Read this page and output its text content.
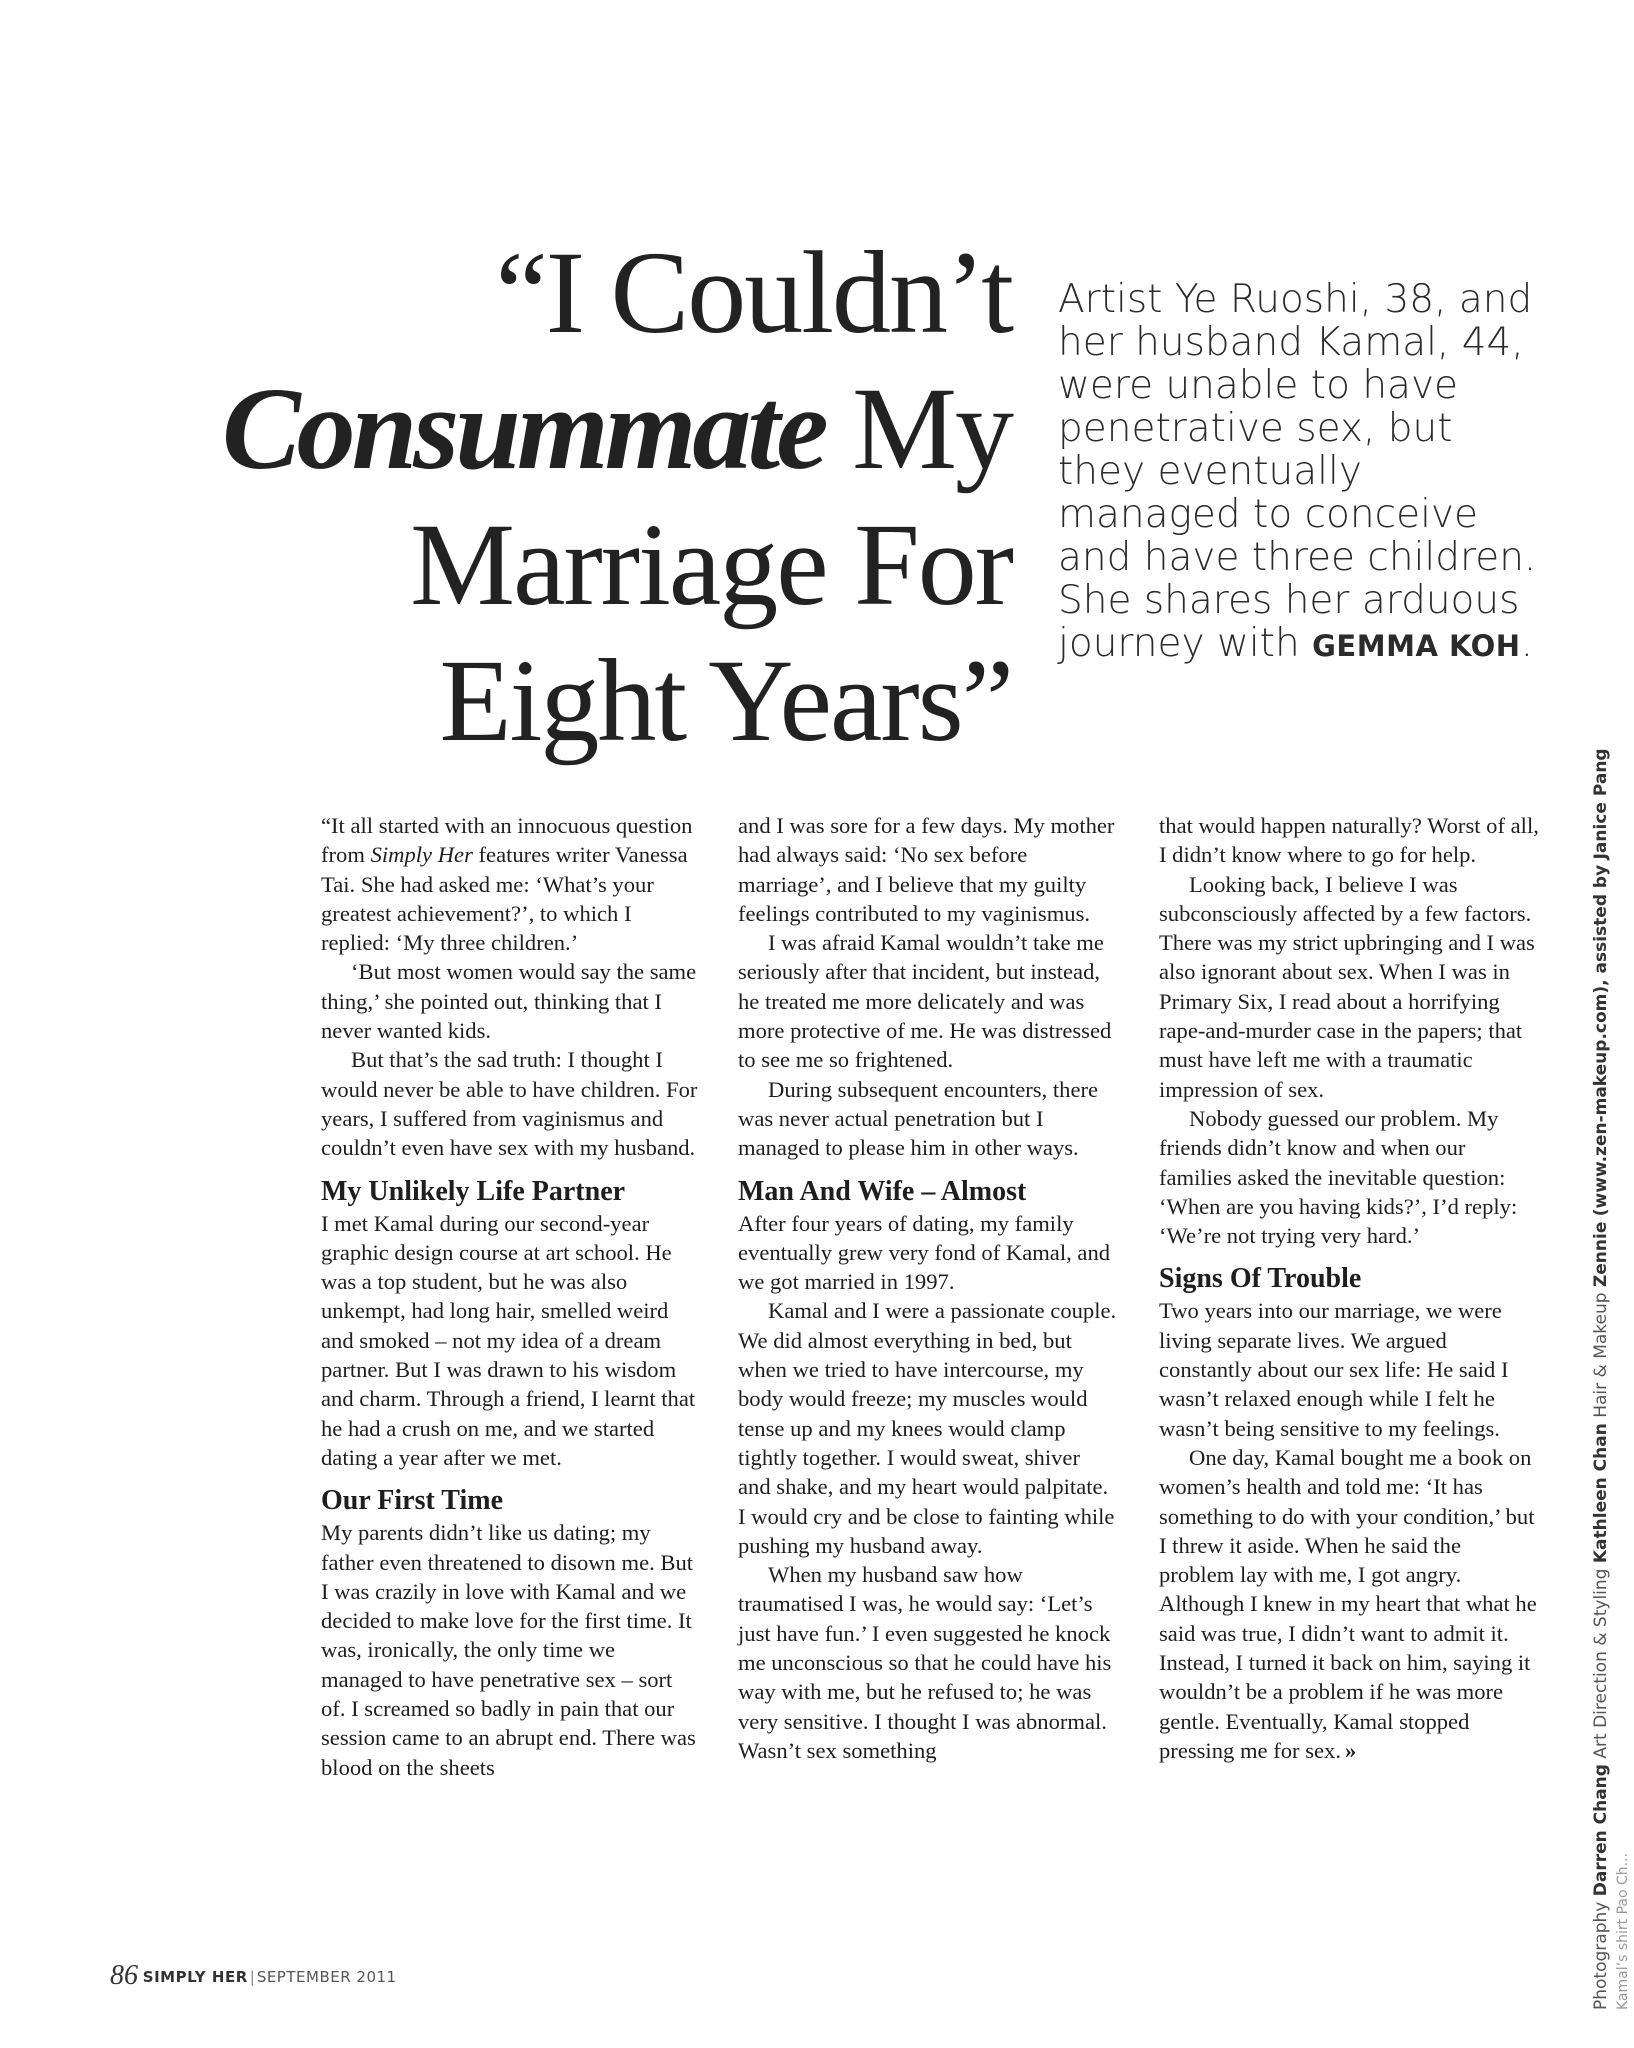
“I Couldn’t
Consummate My
Marriage For
Eight Years”
Artist Ye Ruoshi, 38, and her husband Kamal, 44, were unable to have penetrative sex, but they eventually managed to conceive and have three children. She shares her arduous journey with GEMMA KOH.

“It all started with an innocuous question from Simply Her features writer Vanessa Tai. She had asked me: ‘What’s your greatest achievement?’, to which I replied: ‘My three children.’

‘But most women would say the same thing,’ she pointed out, thinking that I never wanted kids.

But that’s the sad truth: I thought I would never be able to have children. For years, I suffered from vaginismus and couldn’t even have sex with my husband.

My Unlikely Life Partner

I met Kamal during our second-year graphic design course at art school. He was a top student, but he was also unkempt, had long hair, smelled weird and smoked – not my idea of a dream partner. But I was drawn to his wisdom and charm. Through a friend, I learnt that he had a crush on me, and we started dating a year after we met.

Our First Time

My parents didn’t like us dating; my father even threatened to disown me. But I was crazily in love with Kamal and we decided to make love for the first time. It was, ironically, the only time we managed to have penetrative sex – sort of. I screamed so badly in pain that our session came to an abrupt end. There was blood on the sheets

and I was sore for a few days. My mother had always said: ‘No sex before marriage’, and I believe that my guilty feelings contributed to my vaginismus.

I was afraid Kamal wouldn’t take me seriously after that incident, but instead, he treated me more delicately and was more protective of me. He was distressed to see me so frightened.

During subsequent encounters, there was never actual penetration but I managed to please him in other ways.

Man And Wife – Almost

After four years of dating, my family eventually grew very fond of Kamal, and we got married in 1997.

Kamal and I were a passionate couple. We did almost everything in bed, but when we tried to have intercourse, my body would freeze; my muscles would tense up and my knees would clamp tightly together. I would sweat, shiver and shake, and my heart would palpitate. I would cry and be close to fainting while pushing my husband away.

When my husband saw how traumatised I was, he would say: ‘Let’s just have fun.’ I even suggested he knock me unconscious so that he could have his way with me, but he refused to; he was very sensitive. I thought I was abnormal. Wasn’t sex something

that would happen naturally? Worst of all, I didn’t know where to go for help.

Looking back, I believe I was subconsciously affected by a few factors. There was my strict upbringing and I was also ignorant about sex. When I was in Primary Six, I read about a horrifying rape-and-murder case in the papers; that must have left me with a traumatic impression of sex.

Nobody guessed our problem. My friends didn’t know and when our families asked the inevitable question: ‘When are you having kids?’, I’d reply: ‘We’re not trying very hard.’

Signs Of Trouble

Two years into our marriage, we were living separate lives. We argued constantly about our sex life: He said I wasn’t relaxed enough while I felt he wasn’t being sensitive to my feelings.

One day, Kamal bought me a book on women’s health and told me: ‘It has something to do with your condition,’ but I threw it aside. When he said the problem lay with me, I got angry. Although I knew in my heart that what he said was true, I didn’t want to admit it. Instead, I turned it back on him, saying it wouldn’t be a problem if he was more gentle. Eventually, Kamal stopped pressing me for sex. »

Photography Darren Chang Art Direction & Styling Kathleen Chan Hair & Makeup Zennie (www.zen-makeup.com), assisted by Janice Pang
Kamal’s shirt Pao Ch...
86 SIMPLY HER | SEPTEMBER 2011
